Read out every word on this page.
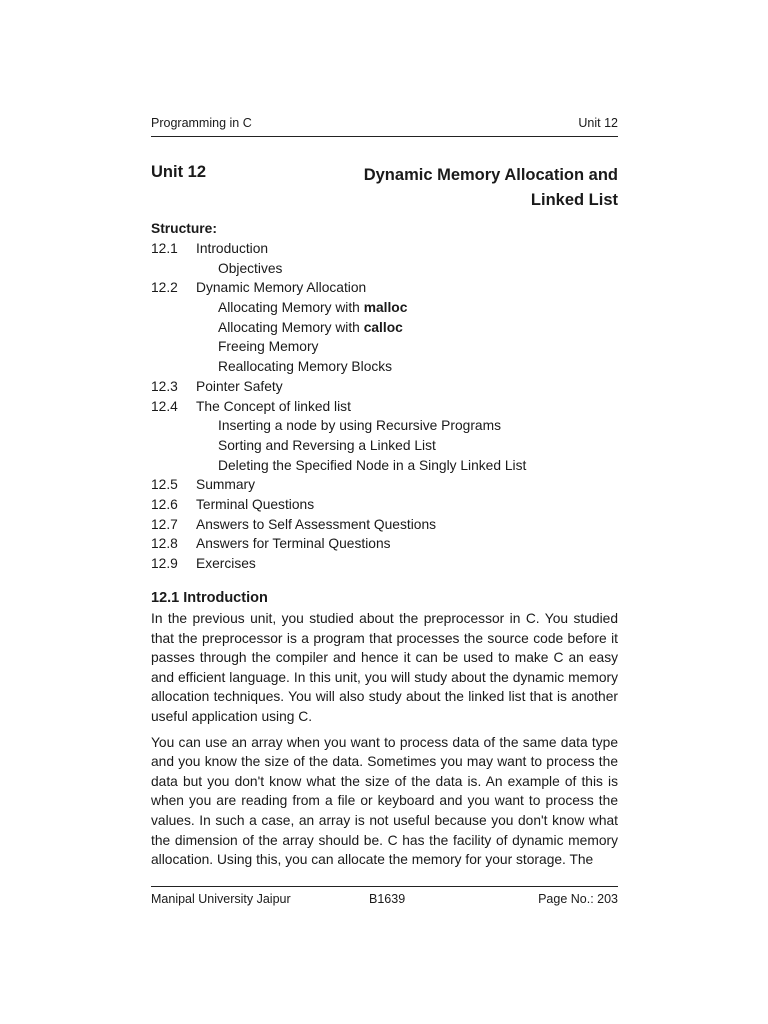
Programming in C	Unit 12
Unit 12	Dynamic Memory Allocation and
Linked List
Structure:
12.1	Introduction
Objectives
12.2	Dynamic Memory Allocation
Allocating Memory with malloc
Allocating Memory with calloc
Freeing Memory
Reallocating Memory Blocks
12.3	Pointer Safety
12.4	The Concept of linked list
Inserting a node by using Recursive Programs
Sorting and Reversing a Linked List
Deleting the Specified Node in a Singly Linked List
12.5	Summary
12.6	Terminal Questions
12.7	Answers to Self Assessment Questions
12.8	Answers for Terminal Questions
12.9	Exercises
12.1 Introduction

In the previous unit, you studied about the preprocessor in C. You studied that the preprocessor is a program that processes the source code before it passes through the compiler and hence it can be used to make C an easy and efficient language. In this unit, you will study about the dynamic memory allocation techniques. You will also study about the linked list that is another useful application using C.

You can use an array when you want to process data of the same data type and you know the size of the data. Sometimes you may want to process the data but you don't know what the size of the data is. An example of this is when you are reading from a file or keyboard and you want to process the values. In such a case, an array is not useful because you don't know what the dimension of the array should be. C has the facility of dynamic memory allocation. Using this, you can allocate the memory for your storage. The

Manipal University Jaipur	B1639	Page No.: 203
